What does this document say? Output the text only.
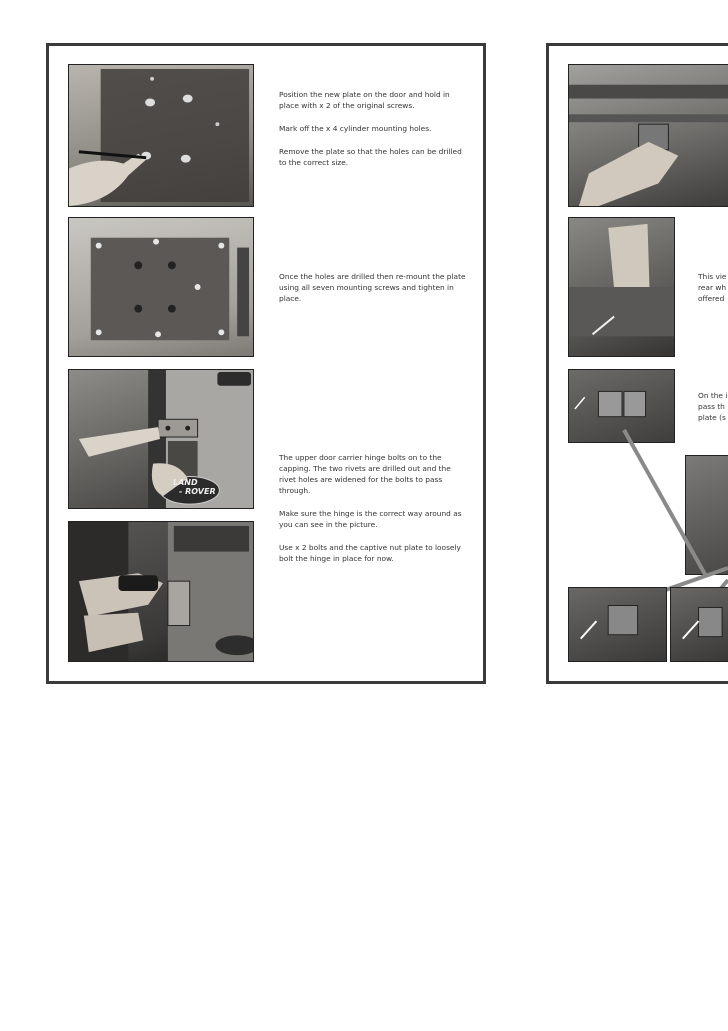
Position the new plate on the door and hold in place with x 2 of the original screws.

Mark off the x 4 cylinder mounting holes.

Remove the plate so that the holes can be drilled to the correct size.

Once the holes are drilled then re-mount the plate using all seven mounting screws and tighten in place.

LAND
- ROVER

The upper door carrier hinge bolts on to the capping. The two rivets are drilled out and the rivet holes are widened for the bolts to pass through.

Make sure the hinge is the correct way around as you can see in the picture.

Use x 2 bolts and the captive nut plate to loosely bolt the hinge in place for now.

This vie
rear wh
offered
On the i
pass th
plate (s
